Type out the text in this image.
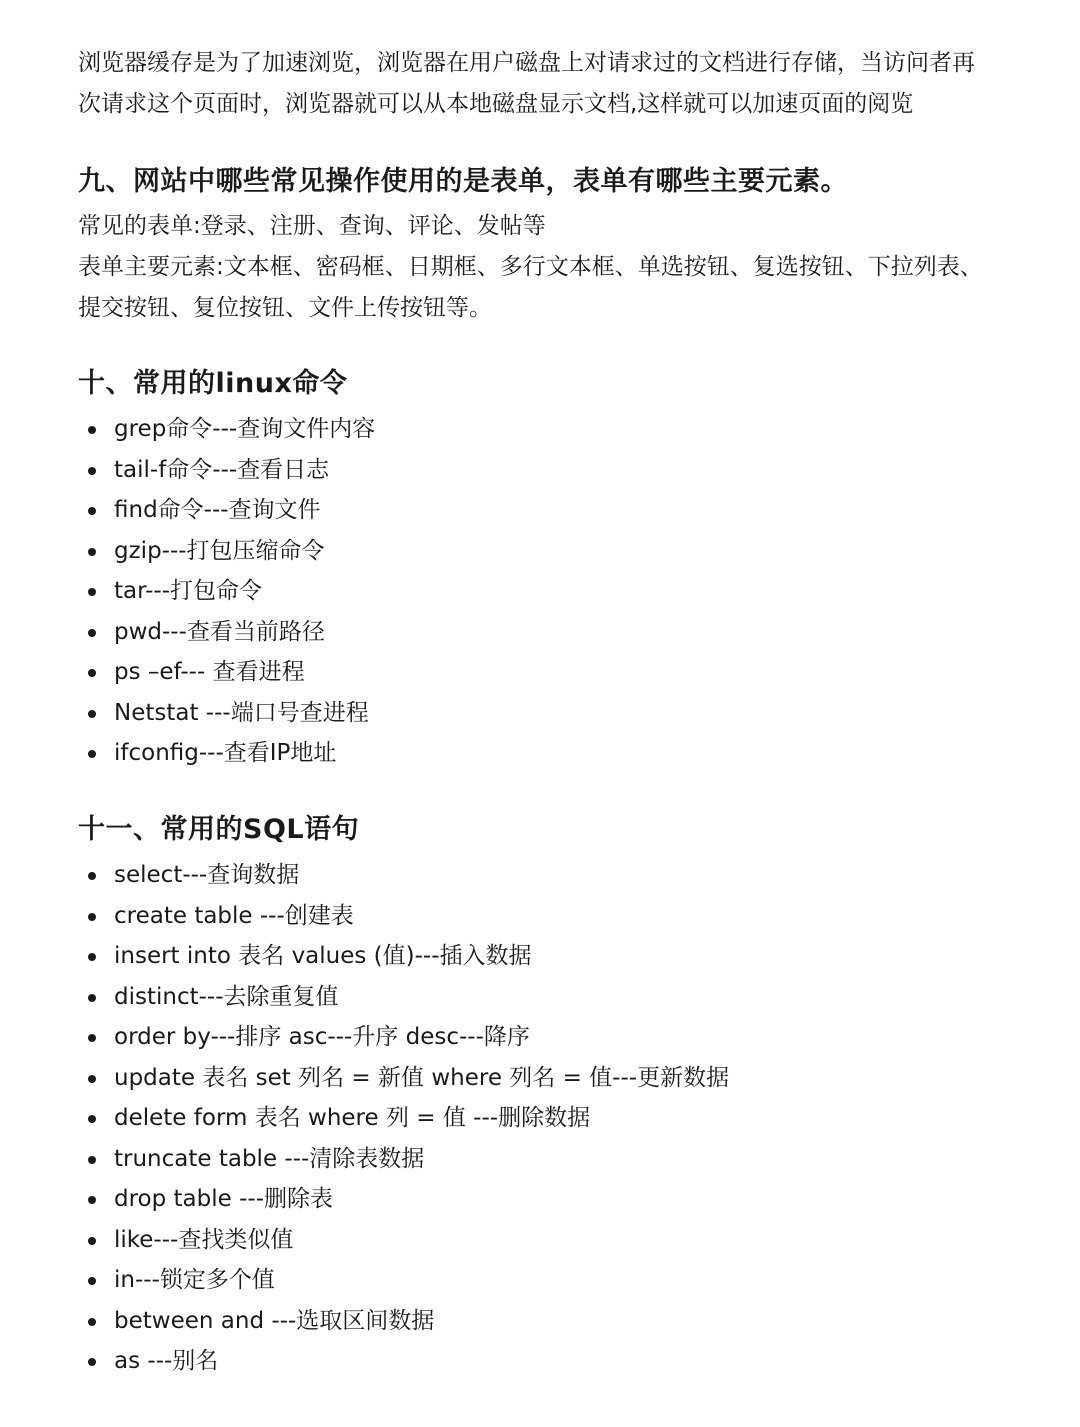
浏览器缓存是为了加速浏览，浏览器在用户磁盘上对请求过的文档进行存储，当访问者再
次请求这个页面时，浏览器就可以从本地磁盘显示文档,这样就可以加速页面的阅览

九、网站中哪些常见操作使用的是表单，表单有哪些主要元素。

常见的表单:登录、注册、查询、评论、发帖等
表单主要元素:文本框、密码框、日期框、多行文本框、单选按钮、复选按钮、下拉列表、
提交按钮、复位按钮、文件上传按钮等。

十、常用的linux命令
grep命令---查询文件内容
tail-f命令---查看日志
find命令---查询文件
gzip---打包压缩命令
tar---打包命令
pwd---查看当前路径
ps –ef--- 查看进程
Netstat ---端口号查进程
ifconfig---查看IP地址
十一、常用的SQL语句
select---查询数据
create table ---创建表
insert into 表名 values (值)---插入数据
distinct---去除重复值
order by---排序 asc---升序 desc---降序
update 表名 set 列名 = 新值 where 列名 = 值---更新数据
delete form 表名 where 列 = 值 ---删除数据
truncate table ---清除表数据
drop table ---删除表
like---查找类似值
in---锁定多个值
between and ---选取区间数据
as ---别名
